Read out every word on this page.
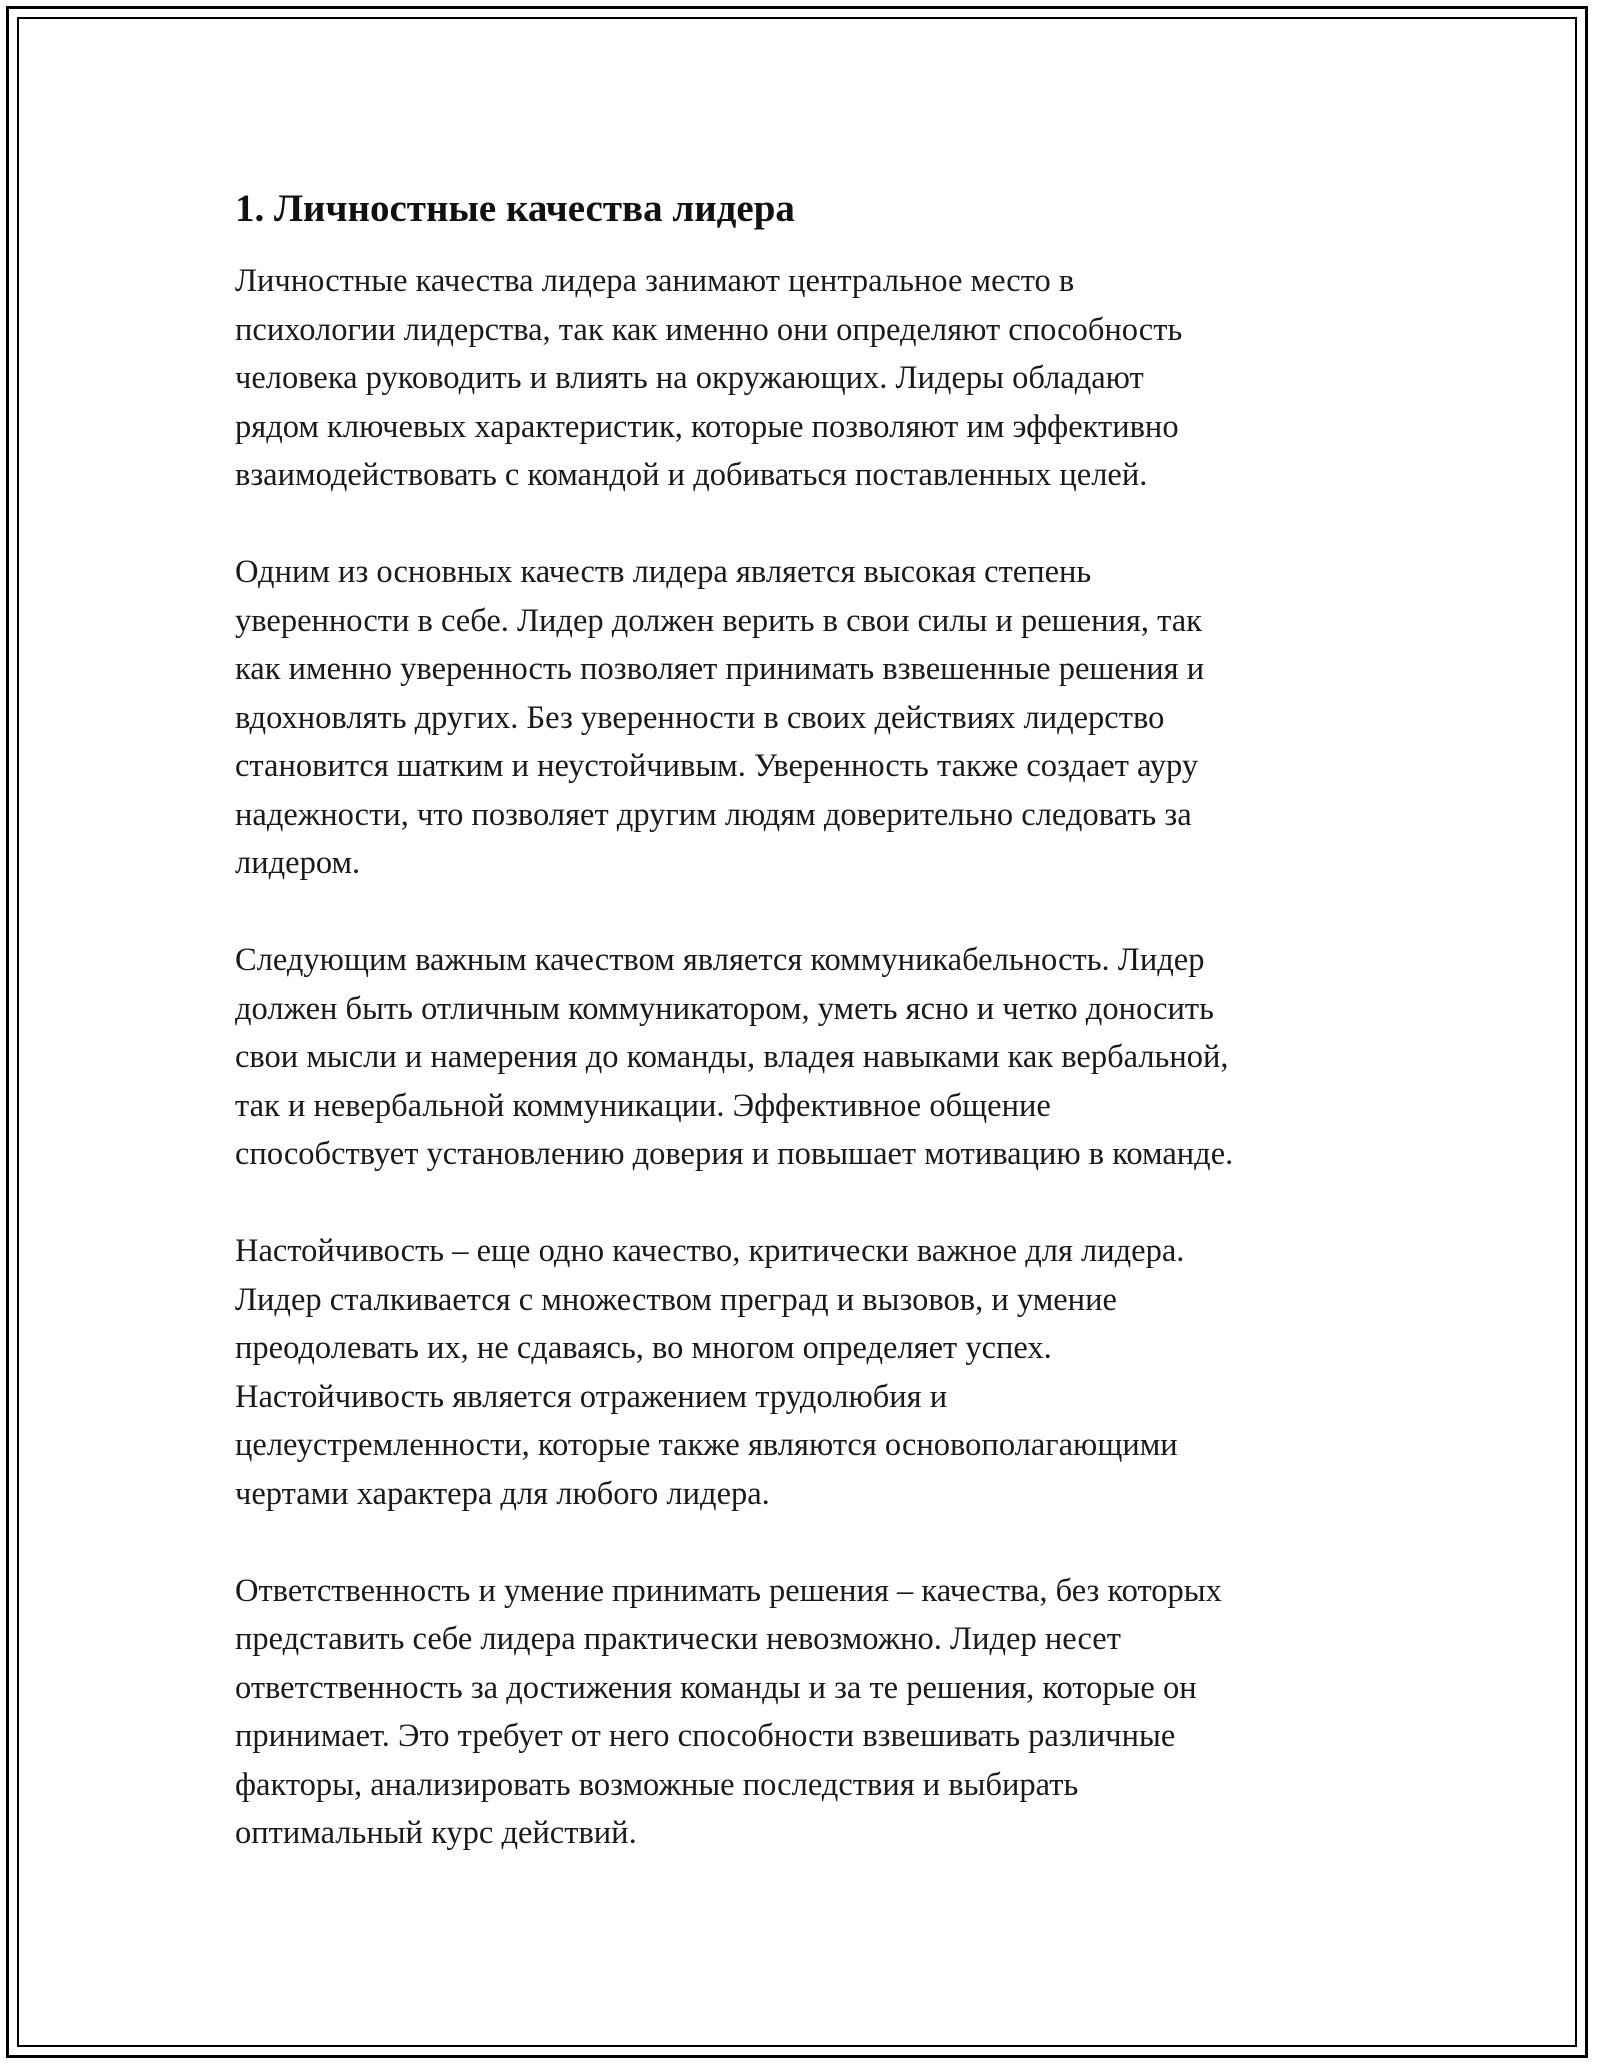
1. Личностные качества лидера

Личностные качества лидера занимают центральное место в
психологии лидерства, так как именно они определяют способность
человека руководить и влиять на окружающих. Лидеры обладают
рядом ключевых характеристик, которые позволяют им эффективно
взаимодействовать с командой и добиваться поставленных целей.

Одним из основных качеств лидера является высокая степень
уверенности в себе. Лидер должен верить в свои силы и решения, так
как именно уверенность позволяет принимать взвешенные решения и
вдохновлять других. Без уверенности в своих действиях лидерство
становится шатким и неустойчивым. Уверенность также создает ауру
надежности, что позволяет другим людям доверительно следовать за
лидером.

Следующим важным качеством является коммуникабельность. Лидер
должен быть отличным коммуникатором, уметь ясно и четко доносить
свои мысли и намерения до команды, владея навыками как вербальной,
так и невербальной коммуникации. Эффективное общение
способствует установлению доверия и повышает мотивацию в команде.

Настойчивость – еще одно качество, критически важное для лидера.
Лидер сталкивается с множеством преград и вызовов, и умение
преодолевать их, не сдаваясь, во многом определяет успех.
Настойчивость является отражением трудолюбия и
целеустремленности, которые также являются основополагающими
чертами характера для любого лидера.

Ответственность и умение принимать решения – качества, без которых
представить себе лидера практически невозможно. Лидер несет
ответственность за достижения команды и за те решения, которые он
принимает. Это требует от него способности взвешивать различные
факторы, анализировать возможные последствия и выбирать
оптимальный курс действий.
